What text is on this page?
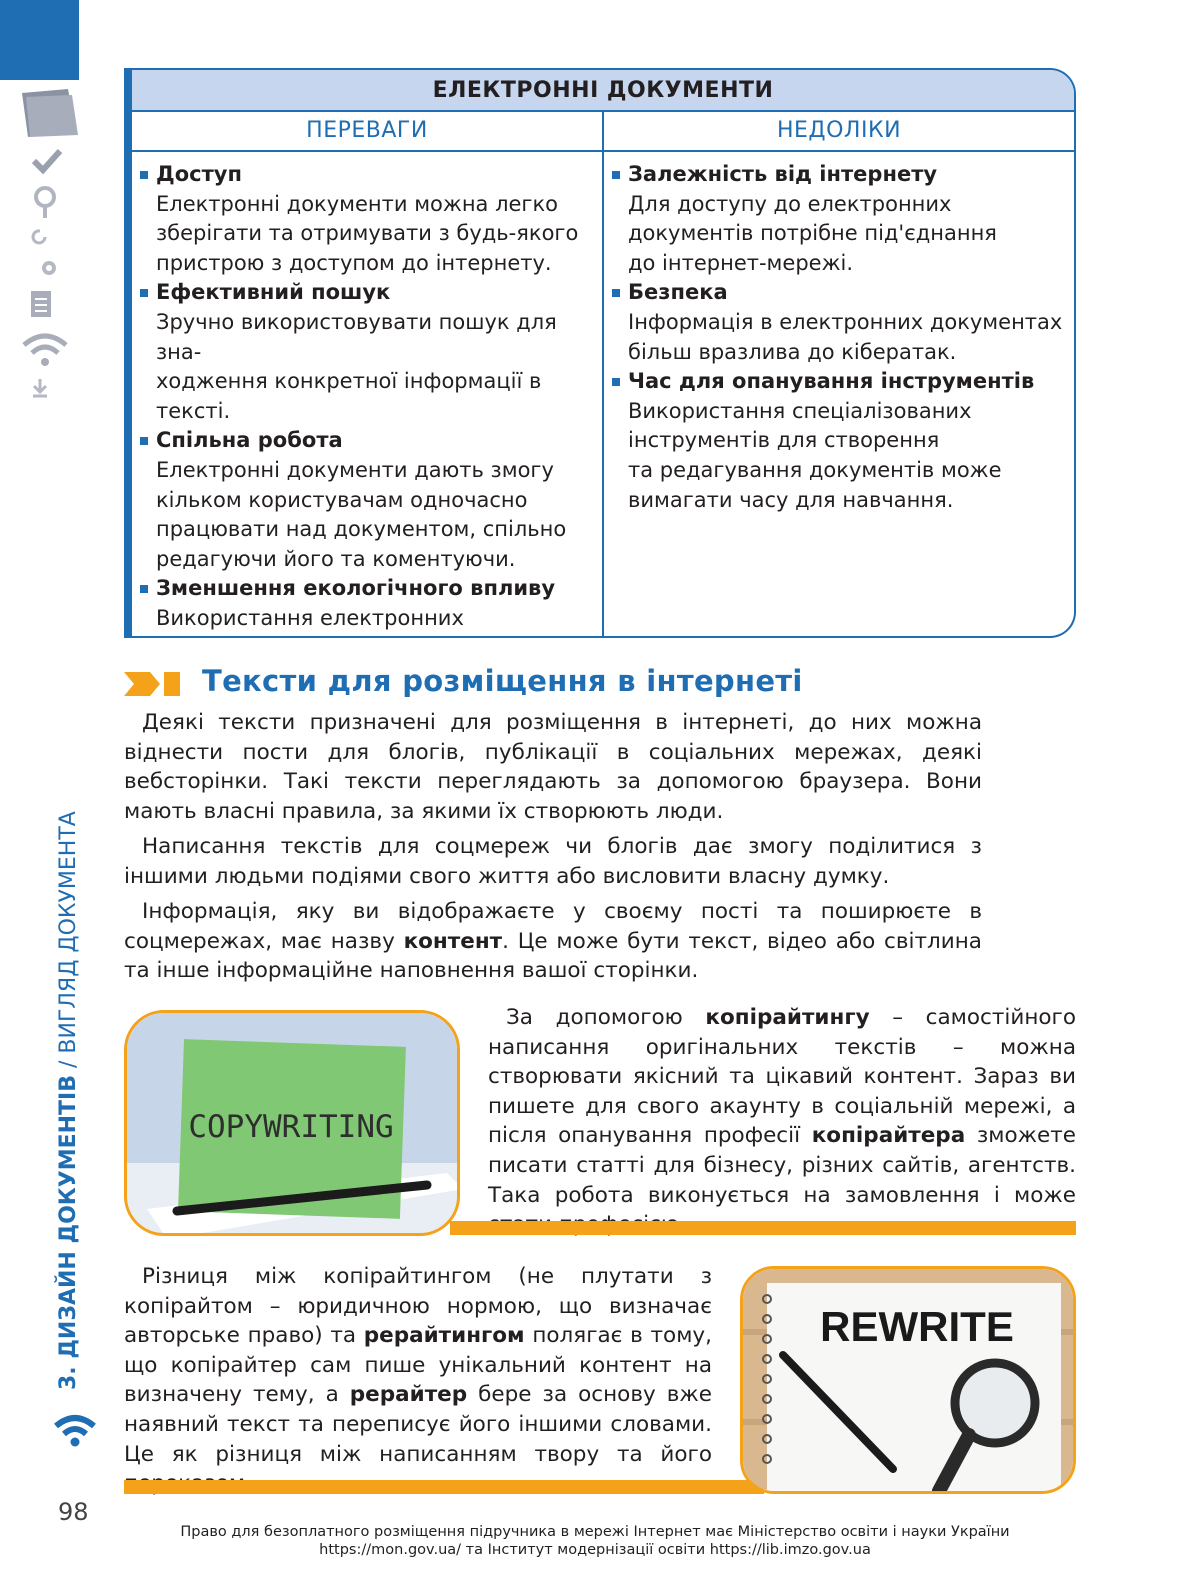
3. ДИЗАЙН ДОКУМЕНТІВ / ВИГЛЯД ДОКУМЕНТА
98
ЕЛЕКТРОННІ ДОКУМЕНТИ
ПЕРЕВАГИ	НЕДОЛІКИ
Доступ
Електронні документи можна легко
зберігати та отримувати з будь-якого
пристрою з доступом до інтернету.
Ефективний пошук
Зручно використовувати пошук для зна-
ходження конкретної інформації в тексті.
Спільна робота
Електронні документи дають змогу
кільком користувачам одночасно
працювати над документом, спільно
редагуючи його та коментуючи.
Зменшення екологічного впливу
Використання електронних
Залежність від інтернету
Для доступу до електронних
документів потрібне під'єднання
до інтернет-мережі.
Безпека
Інформація в електронних документах
більш вразлива до кібератак.
Час для опанування інструментів
Використання спеціалізованих
інструментів для створення
та редагування документів може
вимагати часу для навчання.
Тексти для розміщення в інтернеті
Деякі тексти призначені для розміщення в інтернеті, до них можна віднести пости для блогів, публікації в соціальних мережах, деякі вебсторінки. Такі тексти переглядають за допомогою браузера. Вони мають власні правила, за якими їх створюють люди.
Написання текстів для соцмереж чи блогів дає змогу поділитися з іншими людьми подіями свого життя або висловити власну думку.
Інформація, яку ви відображаєте у своєму пості та поширюєте в соцмережах, має назву контент. Це може бути текст, відео або світлина та інше інформаційне наповнення вашої сторінки.
COPYWRITING
За допомогою копірайтингу – самостійного написання оригінальних текстів – можна створювати якісний та цікавий контент. Зараз ви пишете для свого акаунту в соціальній мережі, а після опанування професії копірайтера зможете писати статті для бізнесу, різних сайтів, агентств. Така робота виконується на замовлення і може
Різниця між копірайтингом (не плутати з копірайтом – юридичною нормою, що визначає авторське право) та рерайтингом полягає в тому, що копірайтер сам пише унікальний контент на визначену тему, а рерайтер бере за основу вже наявний текст та переписує його іншими словами. Це як різниця між написанням твору та його
REWRITE
Право для безоплатного розміщення підручника в мережі Інтернет має Міністерство освіти і науки України
https://mon.gov.ua/ та Інститут модернізації освіти https://lib.imzo.gov.ua
